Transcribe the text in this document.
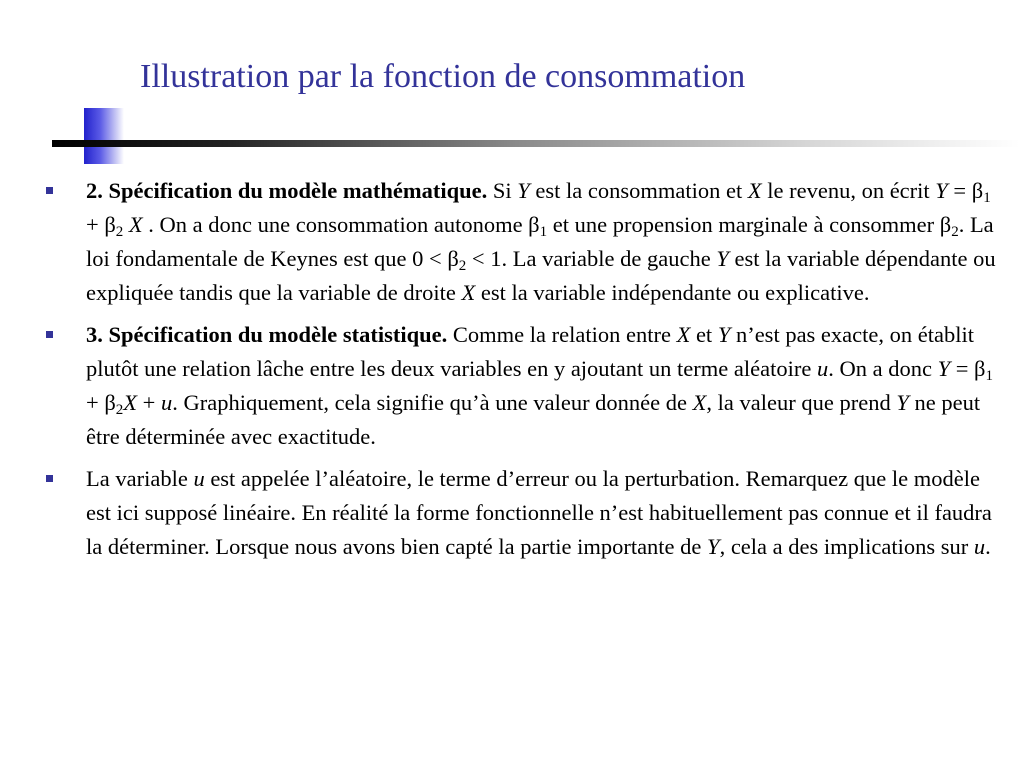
Illustration par la fonction de consommation
2. Spécification du modèle mathématique. Si Y est la consommation et X le revenu, on écrit $Y = \beta_1 + \beta_2$ X . On a donc une consommation autonome $\beta_1$ et une propension marginale à consommer $\beta_2$. La loi fondamentale de Keynes est que $0 < \beta_2 < 1$. La variable de gauche Y est la variable dépendante ou expliquée tandis que la variable de droite X est la variable indépendante ou explicative.
3. Spécification du modèle statistique. Comme la relation entre X et Y n’est pas exacte, on établit plutôt une relation lâche entre les deux variables en y ajoutant un terme aléatoire u. On a donc $Y = \beta_1 + \beta_2X + u$. Graphiquement, cela signifie qu’à une valeur donnée de X, la valeur que prend Y ne peut être déterminée avec exactitude.
La variable u est appelée l’aléatoire, le terme d’erreur ou la perturbation. Remarquez que le modèle est ici supposé linéaire. En réalité la forme fonctionnelle n’est habituellement pas connue et il faudra la déterminer. Lorsque nous avons bien capté la partie importante de Y, cela a des implications sur u.
